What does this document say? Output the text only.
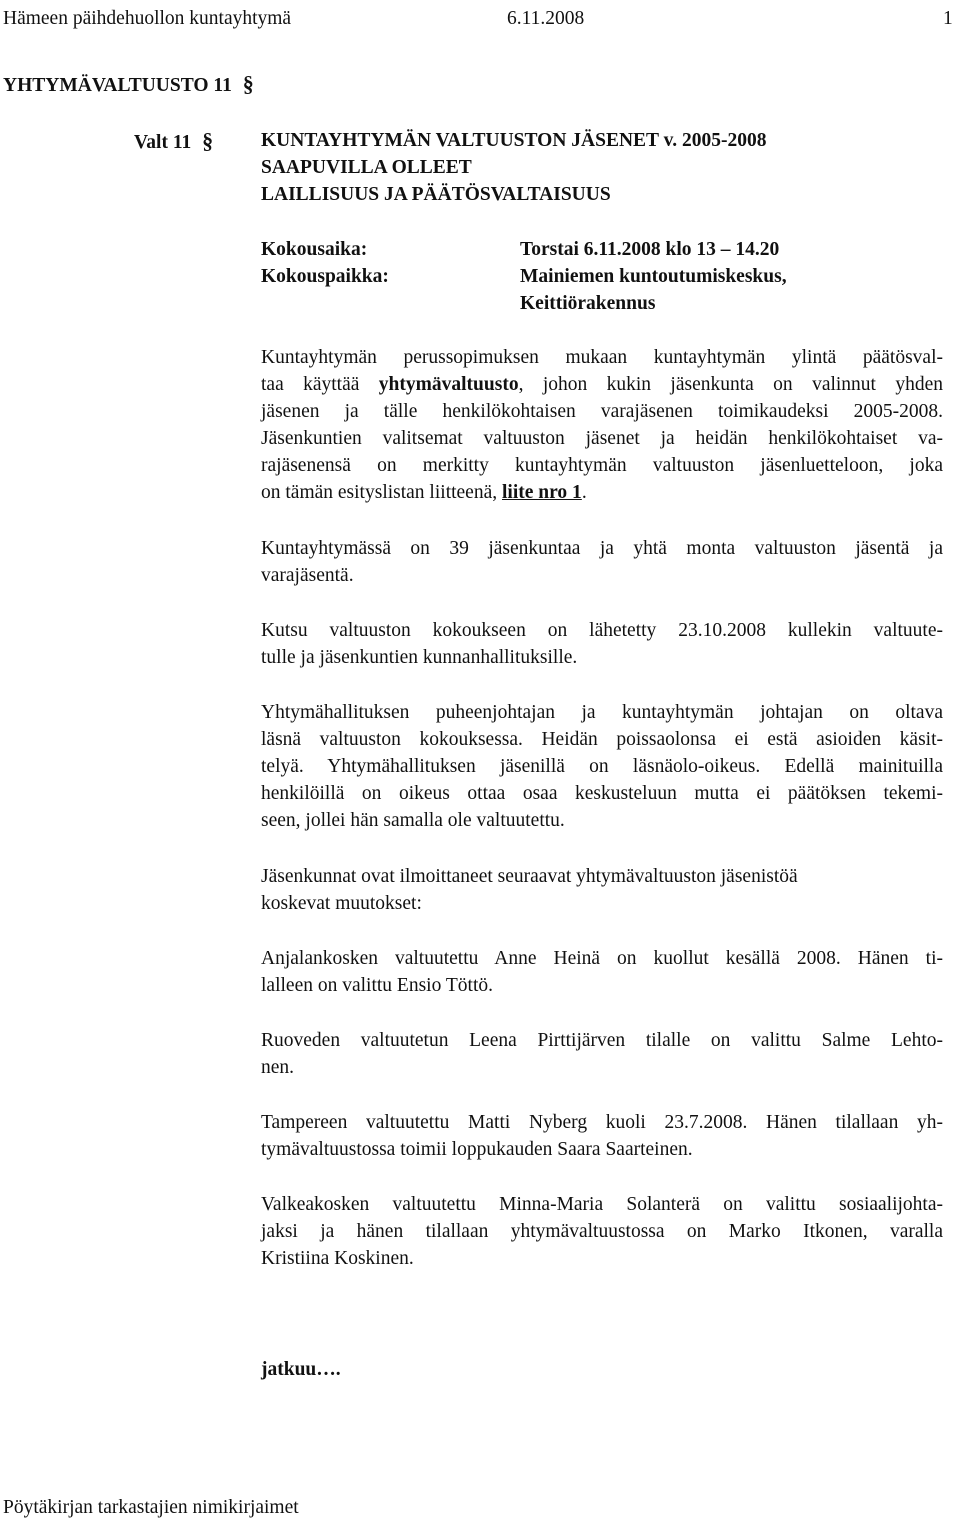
Hämeen päihdehuollon kuntayhtymä	6.11.2008	1
YHTYMÄVALTUUSTO 11 §
Valt 11 § KUNTAYHTYMÄN VALTUUSTON JÄSENET v. 2005-2008
SAAPUVILLA OLLEET
LAILLISUUS JA PÄÄTÖSVALTAISUUS
Kokousaika:	Torstai 6.11.2008 klo 13 – 14.20
Kokouspaikka:	Mainiemen kuntoutumiskeskus,
Keittiörakennus
Kuntayhtymän perussopimuksen mukaan kuntayhtymän ylintä päätösval-
taa käyttää yhtymävaltuusto, johon kukin jäsenkunta on valinnut yhden
jäsenen ja tälle henkilökohtaisen varajäsenen toimikaudeksi 2005-2008.
Jäsenkuntien valitsemat valtuuston jäsenet ja heidän henkilökohtaiset va-
rajäsenensä on merkitty kuntayhtymän valtuuston jäsenluetteloon, joka
on tämän esityslistan liitteenä, liite nro 1.
Kuntayhtymässä on 39 jäsenkuntaa ja yhtä monta valtuuston jäsentä ja
varajäsentä.
Kutsu valtuuston kokoukseen on lähetetty 23.10.2008 kullekin valtuute-
tulle ja jäsenkuntien kunnanhallituksille.
Yhtymähallituksen puheenjohtajan ja kuntayhtymän johtajan on oltava
läsnä valtuuston kokouksessa. Heidän poissaolonsa ei estä asioiden käsit-
telyä. Yhtymähallituksen jäsenillä on läsnäolo-oikeus. Edellä mainituilla
henkilöillä on oikeus ottaa osaa keskusteluun mutta ei päätöksen tekemi-
seen, jollei hän samalla ole valtuutettu.
Jäsenkunnat ovat ilmoittaneet seuraavat yhtymävaltuuston jäsenistöä
koskevat muutokset:
Anjalankosken valtuutettu Anne Heinä on kuollut kesällä 2008. Hänen ti-
lalleen on valittu Ensio Töttö.
Ruoveden valtuutetun Leena Pirttijärven tilalle on valittu Salme Lehto-
nen.
Tampereen valtuutettu Matti Nyberg kuoli 23.7.2008. Hänen tilallaan yh-
tymävaltuustossa toimii loppukauden Saara Saarteinen.
Valkeakosken valtuutettu Minna-Maria Solanterä on valittu sosiaalijohta-
jaksi ja hänen tilallaan yhtymävaltuustossa on Marko Itkonen, varalla
Kristiina Koskinen.
jatkuu….
Pöytäkirjan tarkastajien nimikirjaimet
